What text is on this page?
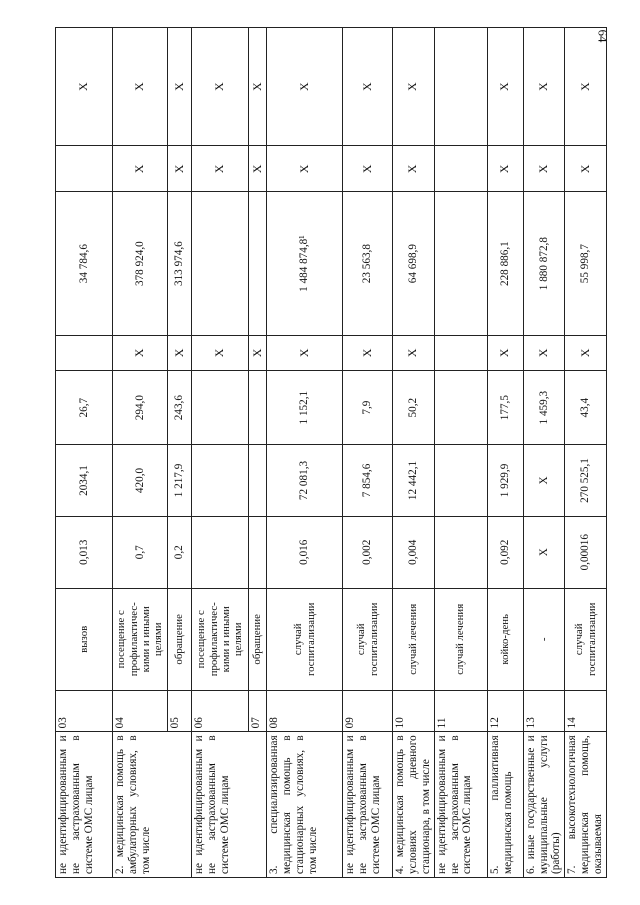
64
не идентифицированным и не застрахованным в системе ОМС лицам	03	вызов	0,013	2034,1	26,7		34 784,6		X
2. медицинская помощь в амбулаторных условиях, в том числе	04	посещение с профилактичес-кими и иными целями	0,7	420,0	294,0	X	378 924,0	X	X
	05	обращение	0,2	1 217,9	243,6	X	313 974,6	X	X
не идентифицированным и не застрахованным в системе ОМС лицам	06	посещение с профилактичес-кими и иными целями				X		X	X
	07	обращение				X		X	X
3. специализированная медицинская помощь в стационарных условиях, в том числе	08	случай госпитализации	0,016	72 081,3	1 152,1	X	1 484 874,8¹	X	X
не идентифицированным и не застрахованным в системе ОМС лицам	09	случай госпитализации	0,002	7 854,6	7,9	X	23 563,8	X	X
4. медицинская помощь в условиях дневного стационара, в том числе	10	случай лечения	0,004	12 442,1	50,2	X	64 698,9	X	X
не идентифицированным и не застрахованным в системе ОМС лицам	11	случай лечения							
5. паллиативная медицинская помощь	12	койко-день	0,092	1 929,9	177,5	X	228 886,1	X	X
6. иные государственные и муниципальные услуги (работы)	13	-	X	X	1 459,3	X	1 880 872,8	X	X
7. высокотехнологичная медицинская помощь, оказываемая	14	случай госпитализации	0,00016	270 525,1	43,4	X	55 998,7	X	X
